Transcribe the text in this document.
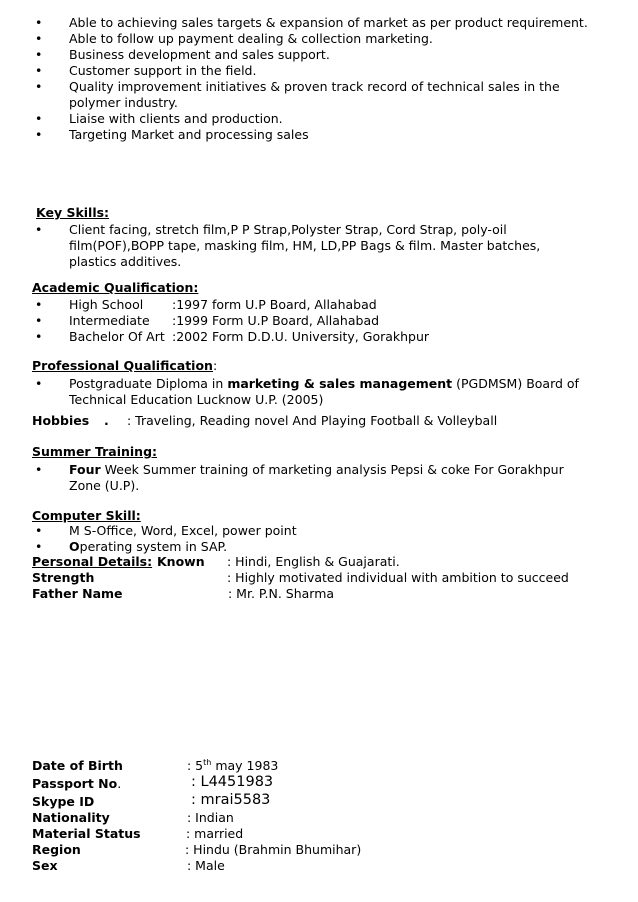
Able to achieving sales targets & expansion of market as per product requirement.
Able to follow up payment dealing & collection marketing.
Business development and sales support.
Customer support in the field.
Quality improvement initiatives & proven track record of technical sales in the
polymer industry.
Liaise with clients and production.
Targeting Market and processing sales
Key Skills:
Client facing, stretch film,P P Strap,Polyster Strap, Cord Strap, poly-oil
film(POF),BOPP tape, masking film, HM, LD,PP Bags & film. Master batches,
plastics additives.
Academic Qualification:
High School :1997 form U.P Board, Allahabad
Intermediate :1999 Form U.P Board, Allahabad
Bachelor Of Art :2002 Form D.D.U. University, Gorakhpur
Professional Qualification:
Postgraduate Diploma in marketing & sales management (PGDMSM) Board of
Technical Education Lucknow U.P. (2005)
Hobbies . : Traveling, Reading novel And Playing Football & Volleyball
Summer Training:
Four Week Summer training of marketing analysis Pepsi & coke For Gorakhpur
Zone (U.P).
Computer Skill:
M S-Office, Word, Excel, power point
Operating system in SAP.
Personal Details: Known : Hindi, English & Guajarati.
Strength	: Highly motivated individual with ambition to succeed
Father Name	: Mr. P.N. Sharma
Date of Birth	: 5th may 1983
Passport No.	: L4451983
Skype ID	: mrai5583
Nationality	: Indian
Material Status	: married
Region	: Hindu (Brahmin Bhumihar)
Sex	: Male
